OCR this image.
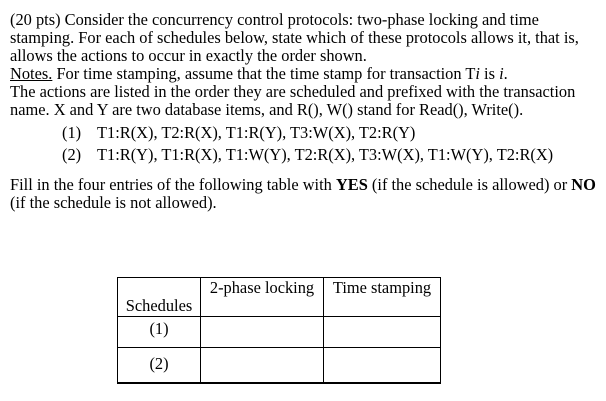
(20 pts) Consider the concurrency control protocols: two-phase locking and time stamping. For each of schedules below, state which of these protocols allows it, that is, allows the actions to occur in exactly the order shown.

Notes. For time stamping, assume that the time stamp for transaction Ti is i.
The actions are listed in the order they are scheduled and prefixed with the transaction name. X and Y are two database items, and R(), W() stand for Read(), Write().

(1) T1:R(X), T2:R(X), T1:R(Y), T3:W(X), T2:R(Y)
(2) T1:R(Y), T1:R(X), T1:W(Y), T2:R(X), T3:W(X), T1:W(Y), T2:R(X)

Fill in the four entries of the following table with YES (if the schedule is allowed) or NO (if the schedule is not allowed).

Schedules	2-phase locking	Time stamping

(1)		

(2)		
